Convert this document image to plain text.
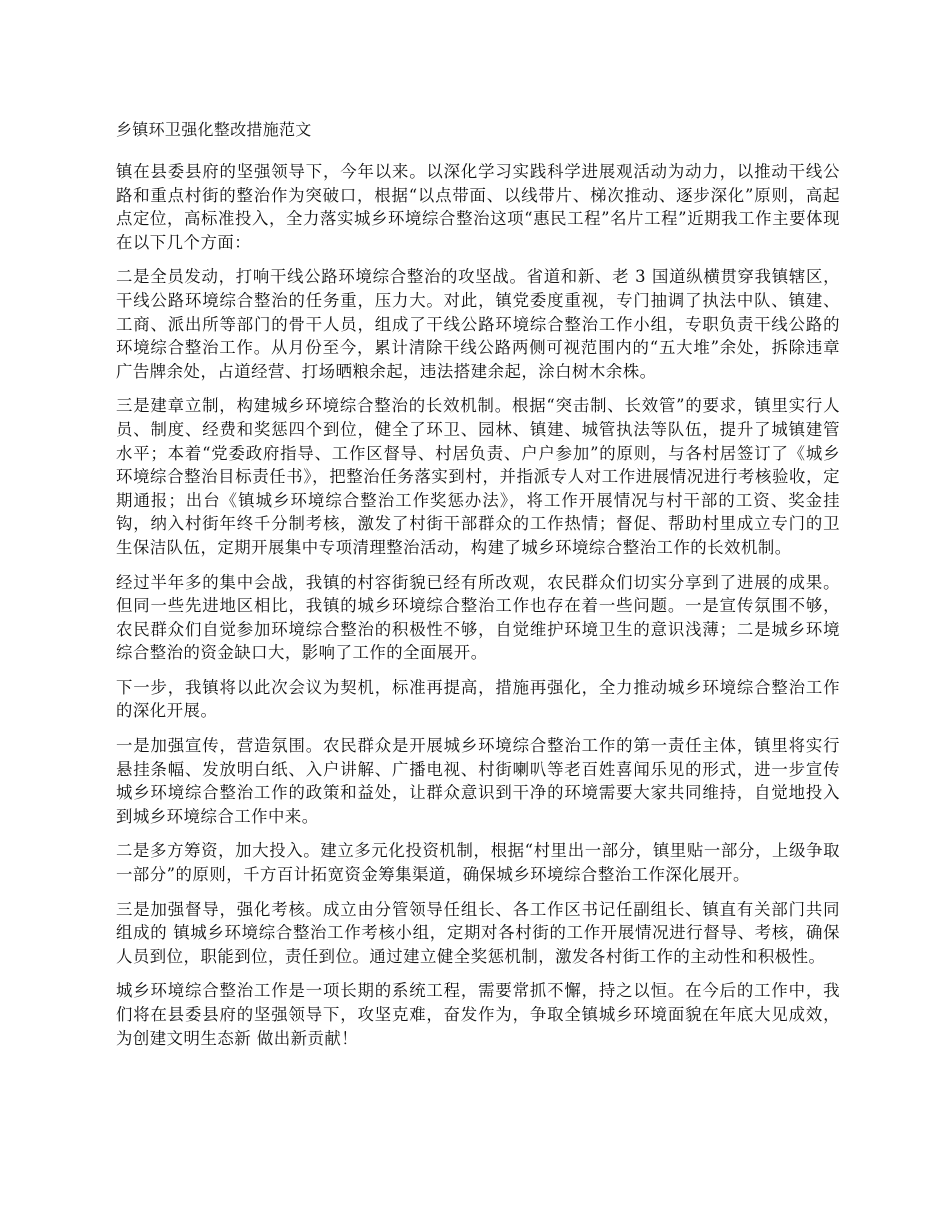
乡镇环卫强化整改措施范文

镇在县委县府的坚强领导下，今年以来。以深化学习实践科学进展观活动为动力，以推动干线公路和重点村街的整治作为突破口，根据“以点带面、以线带片、梯次推动、逐步深化”原则，高起点定位，高标准投入，全力落实城乡环境综合整治这项“惠民工程”名片工程”近期我工作主要体现在以下几个方面：

二是全员发动，打响干线公路环境综合整治的攻坚战。省道和新、老 3 国道纵横贯穿我镇辖区，干线公路环境综合整治的任务重，压力大。对此，镇党委度重视，专门抽调了执法中队、镇建、工商、派出所等部门的骨干人员，组成了干线公路环境综合整治工作小组，专职负责干线公路的环境综合整治工作。从月份至今，累计清除干线公路两侧可视范围内的“五大堆”余处，拆除违章广告牌余处，占道经营、打场晒粮余起，违法搭建余起，涂白树木余株。

三是建章立制，构建城乡环境综合整治的长效机制。根据“突击制、长效管”的要求，镇里实行人员、制度、经费和奖惩四个到位，健全了环卫、园林、镇建、城管执法等队伍，提升了城镇建管水平；本着“党委政府指导、工作区督导、村居负责、户户参加”的原则，与各村居签订了《城乡环境综合整治目标责任书》，把整治任务落实到村，并指派专人对工作进展情况进行考核验收，定期通报；出台《镇城乡环境综合整治工作奖惩办法》，将工作开展情况与村干部的工资、奖金挂钩，纳入村街年终千分制考核，激发了村街干部群众的工作热情；督促、帮助村里成立专门的卫生保洁队伍，定期开展集中专项清理整治活动，构建了城乡环境综合整治工作的长效机制。

经过半年多的集中会战，我镇的村容街貌已经有所改观，农民群众们切实分享到了进展的成果。但同一些先进地区相比，我镇的城乡环境综合整治工作也存在着一些问题。一是宣传氛围不够，农民群众们自觉参加环境综合整治的积极性不够，自觉维护环境卫生的意识浅薄；二是城乡环境综合整治的资金缺口大，影响了工作的全面展开。

下一步，我镇将以此次会议为契机，标准再提高，措施再强化，全力推动城乡环境综合整治工作的深化开展。

一是加强宣传，营造氛围。农民群众是开展城乡环境综合整治工作的第一责任主体，镇里将实行悬挂条幅、发放明白纸、入户讲解、广播电视、村街喇叭等老百姓喜闻乐见的形式，进一步宣传城乡环境综合整治工作的政策和益处，让群众意识到干净的环境需要大家共同维持，自觉地投入到城乡环境综合工作中来。

二是多方筹资，加大投入。建立多元化投资机制，根据“村里出一部分，镇里贴一部分，上级争取一部分”的原则，千方百计拓宽资金筹集渠道，确保城乡环境综合整治工作深化展开。

三是加强督导，强化考核。成立由分管领导任组长、各工作区书记任副组长、镇直有关部门共同组成的 镇城乡环境综合整治工作考核小组，定期对各村街的工作开展情况进行督导、考核，确保人员到位，职能到位，责任到位。通过建立健全奖惩机制，激发各村街工作的主动性和积极性。

城乡环境综合整治工作是一项长期的系统工程，需要常抓不懈，持之以恒。在今后的工作中，我们将在县委县府的坚强领导下，攻坚克难，奋发作为，争取全镇城乡环境面貌在年底大见成效，为创建文明生态新 做出新贡献！
